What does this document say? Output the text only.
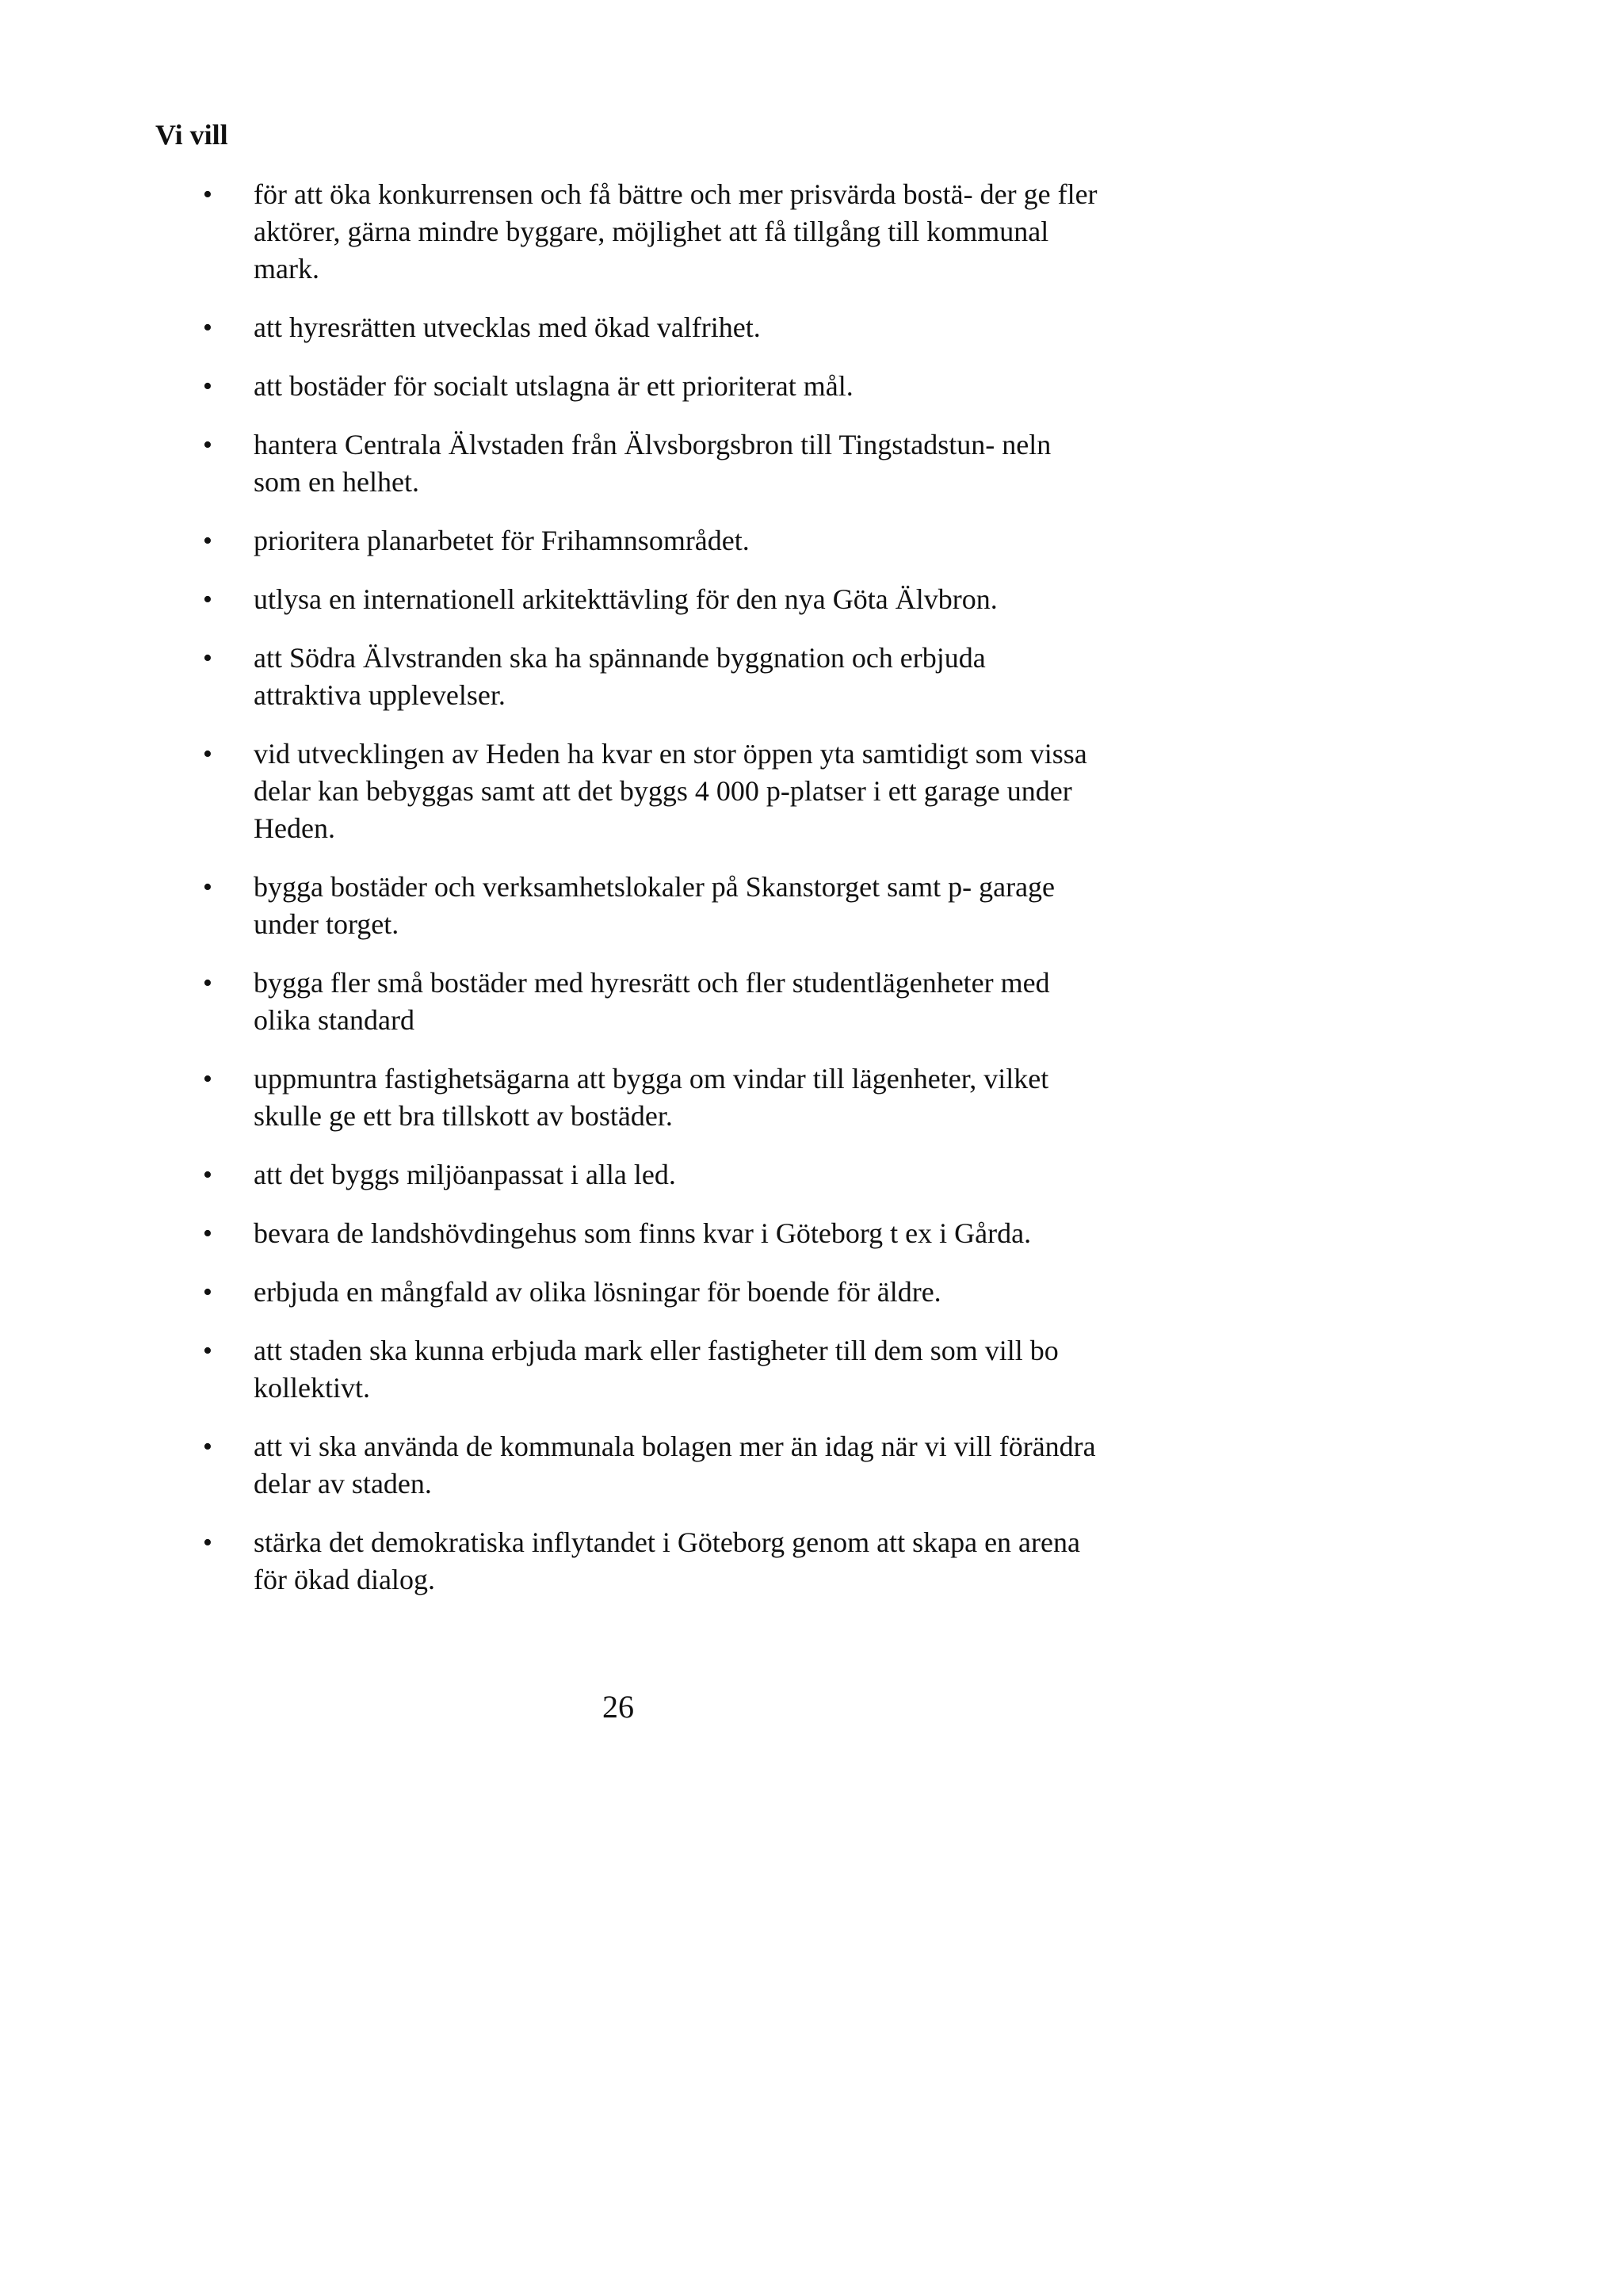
Vi vill
•	för att öka konkurrensen och få bättre och mer prisvärda bostä- der ge fler aktörer, gärna mindre byggare, möjlighet att få tillgång till kommunal mark.
•	att hyresrätten utvecklas med ökad valfrihet.
•	att bostäder för socialt utslagna är ett prioriterat mål.
•	hantera Centrala Älvstaden från Älvsborgsbron till Tingstadstun- neln som en helhet.
•	prioritera planarbetet för Frihamnsområdet.
•	utlysa en internationell arkitekttävling för den nya Göta Älvbron.
•	att Södra Älvstranden ska ha spännande byggnation och erbjuda attraktiva upplevelser.
•	vid utvecklingen av Heden ha kvar en stor öppen yta samtidigt som vissa delar kan bebyggas samt att det byggs 4 000 p-platser i ett garage under Heden.
•	bygga bostäder och verksamhetslokaler på Skanstorget samt p- garage under torget.
•	bygga fler små bostäder med hyresrätt och fler studentlägenheter med olika standard
•	uppmuntra fastighetsägarna att bygga om vindar till lägenheter, vilket skulle ge ett bra tillskott av bostäder.
•	att det byggs miljöanpassat i alla led.
•	bevara de landshövdingehus som finns kvar i Göteborg t ex i Gårda.
•	erbjuda en mångfald av olika lösningar för boende för äldre.
•	att staden ska kunna erbjuda mark eller fastigheter till dem som vill bo kollektivt.
•	att vi ska använda de kommunala bolagen mer än idag när vi vill förändra delar av staden.
•	stärka det demokratiska inflytandet i Göteborg genom att skapa en arena för ökad dialog.

26
